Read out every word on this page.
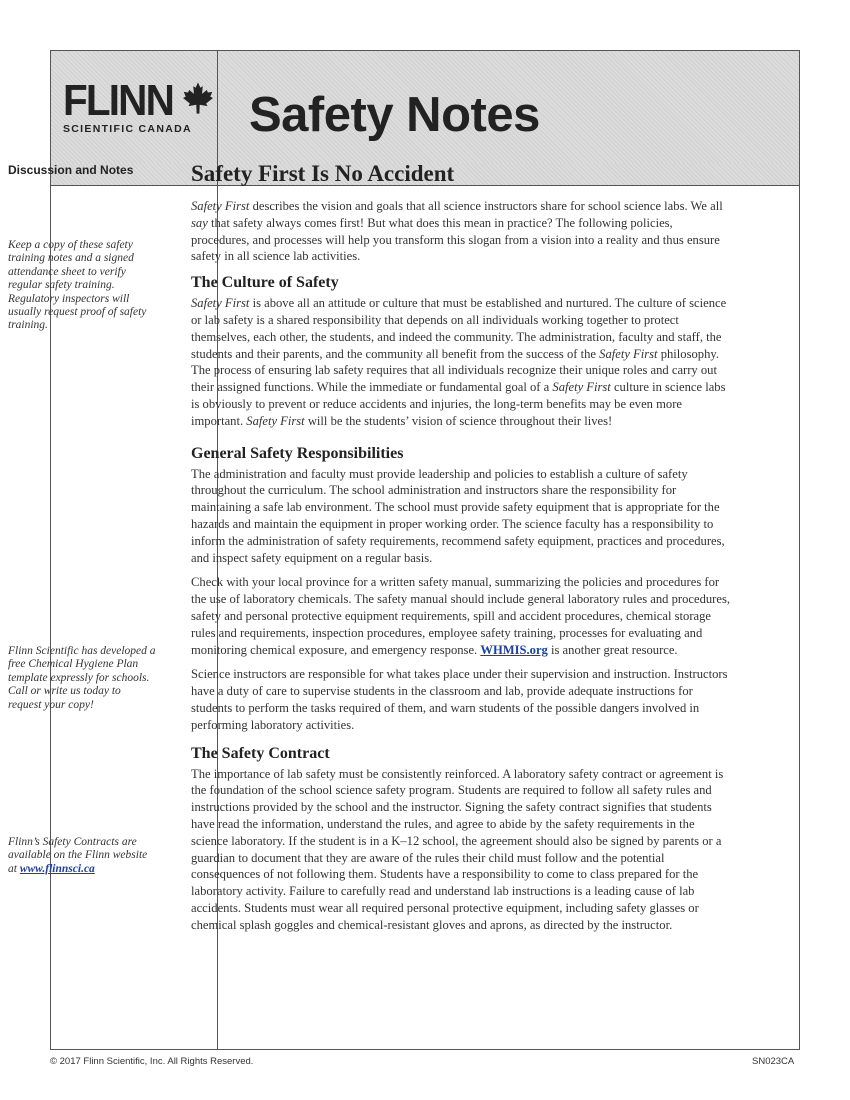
FLINN
SCIENTIFIC CANADA	Safety Notes
Discussion and Notes
Keep a copy of these safety training notes and a signed attendance sheet to verify regular safety training. Regulatory inspectors will usually request proof of safety training.
Flinn Scientific has developed a free Chemical Hygiene Plan template expressly for schools. Call or write us today to request your copy!
Flinn’s Safety Contracts are available on the Flinn website at www.flinnsci.ca
Safety First Is No Accident

Safety First describes the vision and goals that all science instructors share for school science labs. We all say that safety always comes first! But what does this mean in practice? The following policies, procedures, and processes will help you transform this slogan from a vision into a reality and thus ensure safety in all science lab activities.

The Culture of Safety

Safety First is above all an attitude or culture that must be established and nurtured. The culture of science or lab safety is a shared responsibility that depends on all individuals working together to protect themselves, each other, the students, and indeed the community. The administration, faculty and staff, the students and their parents, and the community all benefit from the success of the Safety First philosophy. The process of ensuring lab safety requires that all individuals recognize their unique roles and carry out their assigned functions. While the immediate or fundamental goal of a Safety First culture in science labs is obviously to prevent or reduce accidents and injuries, the long-term benefits may be even more important. Safety First will be the students’ vision of science throughout their lives!

General Safety Responsibilities

The administration and faculty must provide leadership and policies to establish a culture of safety throughout the curriculum. The school administration and instructors share the responsibility for maintaining a safe lab environment. The school must provide safety equipment that is appropriate for the hazards and maintain the equipment in proper working order. The science faculty has a responsibility to inform the administration of safety requirements, recommend safety equipment, practices and procedures, and inspect safety equipment on a regular basis.

Check with your local province for a written safety manual, summarizing the policies and procedures for the use of laboratory chemicals. The safety manual should include general laboratory rules and procedures, safety and personal protective equipment requirements, spill and accident procedures, chemical storage rules and requirements, inspection procedures, employee safety training, processes for evaluating and monitoring chemical exposure, and emergency response. WHMIS.org is another great resource.

Science instructors are responsible for what takes place under their supervision and instruction. Instructors have a duty of care to supervise students in the classroom and lab, provide adequate instructions for students to perform the tasks required of them, and warn students of the possible dangers involved in performing laboratory activities.

The Safety Contract

The importance of lab safety must be consistently reinforced. A laboratory safety contract or agreement is the foundation of the school science safety program. Students are required to follow all safety rules and instructions provided by the school and the instructor. Signing the safety contract signifies that students have read the information, understand the rules, and agree to abide by the safety requirements in the science laboratory. If the student is in a K–12 school, the agreement should also be signed by parents or a guardian to document that they are aware of the rules their child must follow and the potential consequences of not following them. Students have a responsibility to come to class prepared for the laboratory activity. Failure to carefully read and understand lab instructions is a leading cause of lab accidents. Students must wear all required personal protective equipment, including safety glasses or chemical splash goggles and chemical-resistant gloves and aprons, as directed by the instructor.

© 2017 Flinn Scientific, Inc. All Rights Reserved.	SN023CA
